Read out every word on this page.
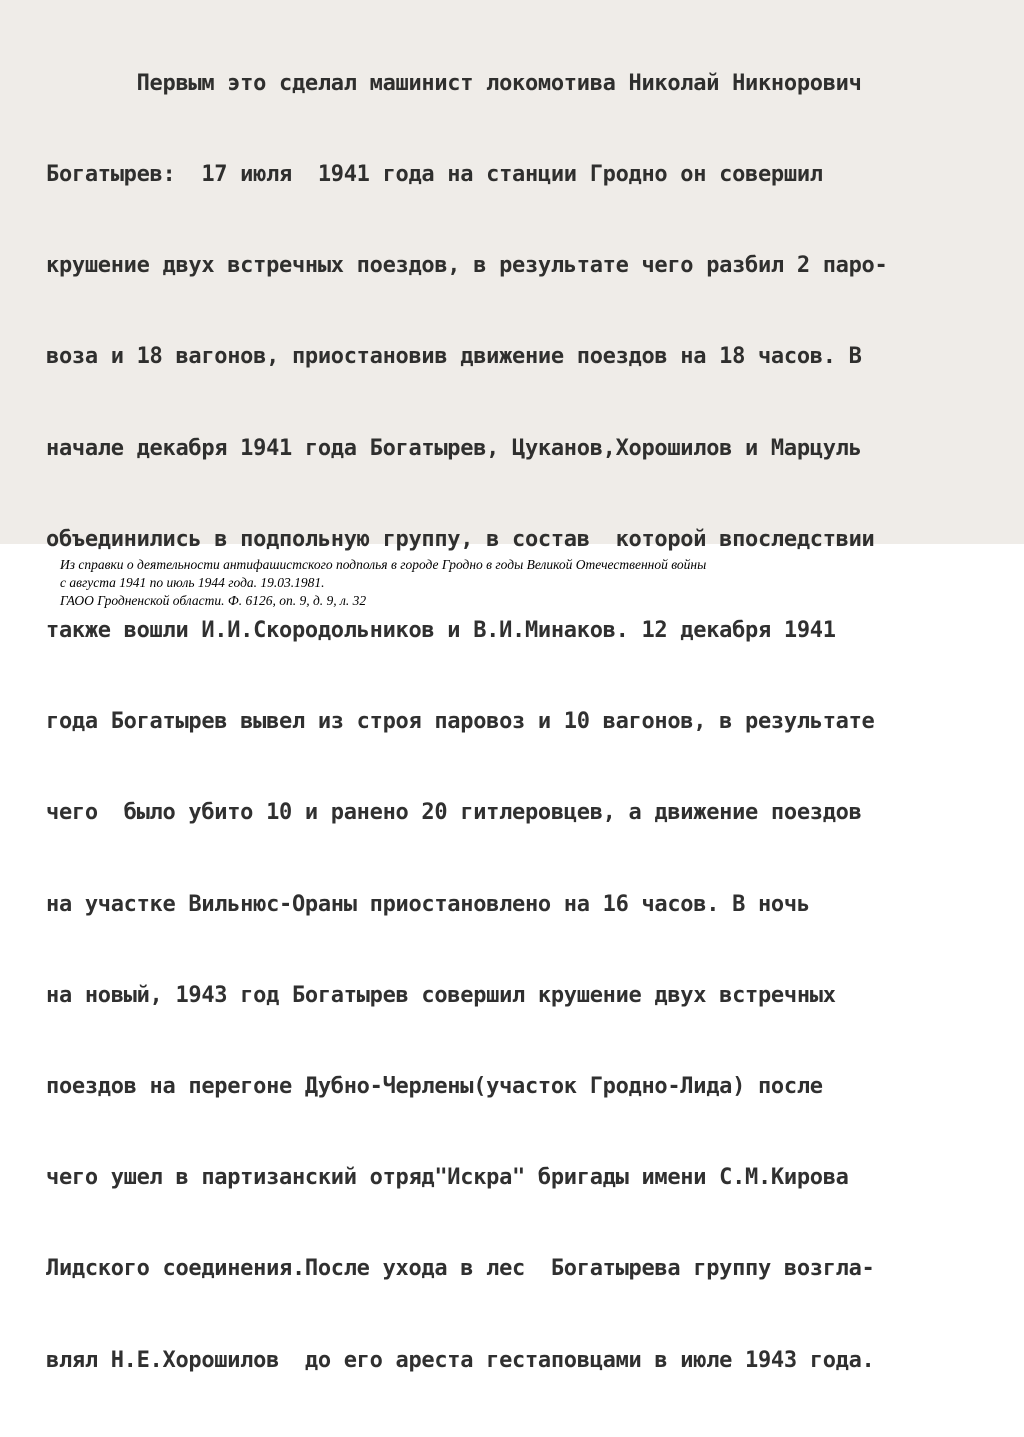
Первым это сделал машинист локомотива Николай Никнорович

Богатырев:  17 июля  1941 года на станции Гродно он совершил

крушение двух встречных поездов, в результате чего разбил 2 паро-

воза и 18 вагонов, приостановив движение поездов на 18 часов. В

начале декабря 1941 года Богатырев, Цуканов,Хорошилов и Марцуль

объединились в подпольную группу, в состав  которой впоследствии

также вошли И.И.Скородольников и В.И.Минаков. 12 декабря 1941

года Богатырев вывел из строя паровоз и 10 вагонов, в результате

чего  было убито 10 и ранено 20 гитлеровцев, а движение поездов

на участке Вильнюс-Ораны приостановлено на 16 часов. В ночь

на новый, 1943 год Богатырев совершил крушение двух встречных

поездов на перегоне Дубно-Черлены(участок Гродно-Лида) после

чего ушел в партизанский отряд"Искра" бригады имени С.М.Кирова

Лидского соединения.После ухода в лес  Богатырева группу возгла-

влял Н.Е.Хорошилов  до его ареста гестаповцами в июле 1943 года.

Из справки о деятельности антифашистского подполья в городе Гродно в годы Великой Отечественной войны
с августа 1941 по июль 1944 года. 19.03.1981.
ГАОО Гродненской области. Ф. 6126, оп. 9, д. 9, л. 32
